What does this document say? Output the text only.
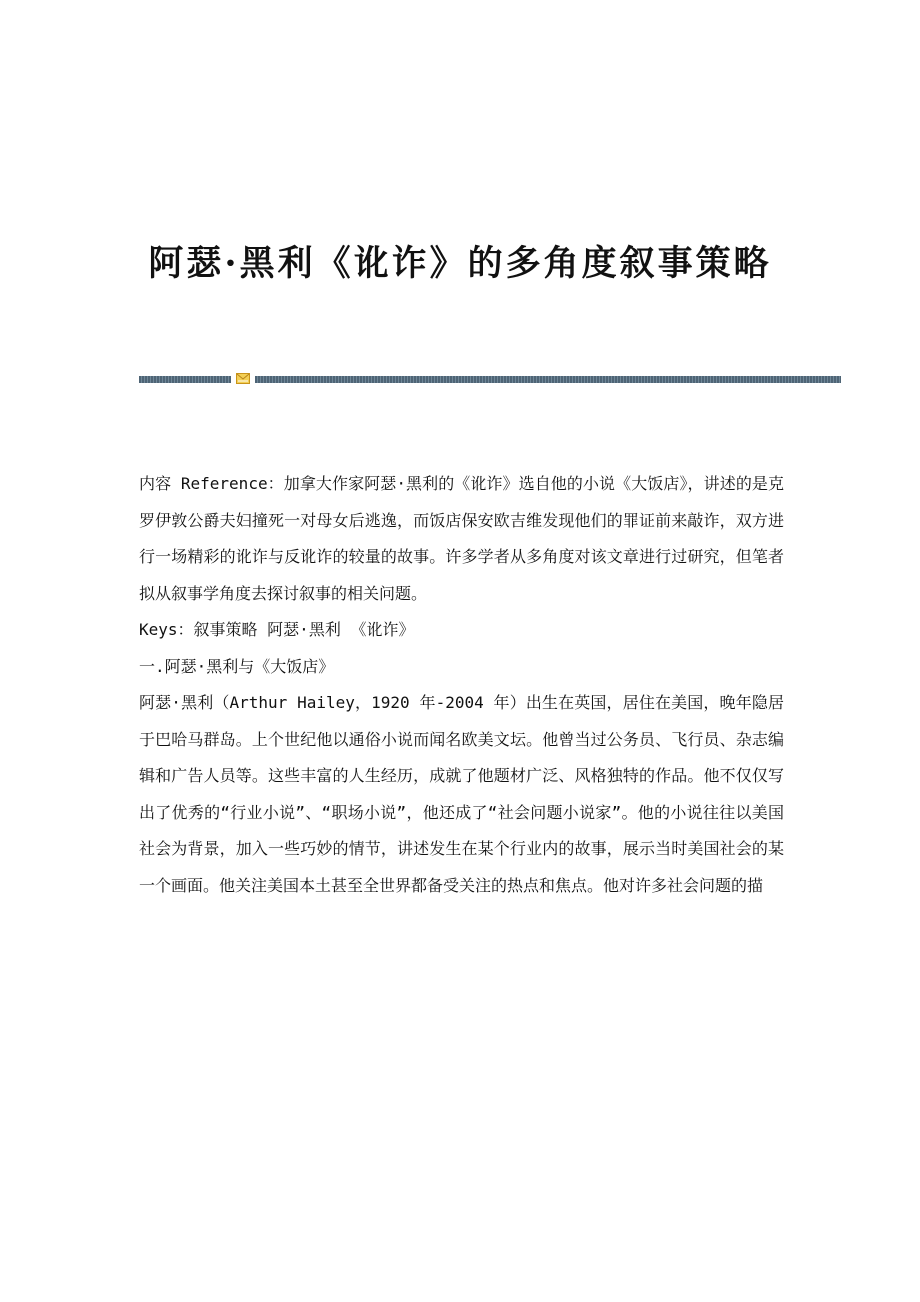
阿瑟·黑利《讹诈》的多角度叙事策略

内容 Reference：加拿大作家阿瑟·黑利的《讹诈》选自他的小说《大饭店》，讲述的是克罗伊敦公爵夫妇撞死一对母女后逃逸，而饭店保安欧吉维发现他们的罪证前来敲诈，双方进行一场精彩的讹诈与反讹诈的较量的故事。许多学者从多角度对该文章进行过研究，但笔者拟从叙事学角度去探讨叙事的相关问题。

Keys：叙事策略 阿瑟·黑利 《讹诈》

一.阿瑟·黑利与《大饭店》

阿瑟·黑利（Arthur Hailey，1920 年-2004 年）出生在英国，居住在美国，晚年隐居于巴哈马群岛。上个世纪他以通俗小说而闻名欧美文坛。他曾当过公务员、飞行员、杂志编辑和广告人员等。这些丰富的人生经历，成就了他题材广泛、风格独特的作品。他不仅仅写出了优秀的“行业小说”、“职场小说”，他还成了“社会问题小说家”。他的小说往往以美国社会为背景，加入一些巧妙的情节，讲述发生在某个行业内的故事，展示当时美国社会的某一个画面。他关注美国本土甚至全世界都备受关注的热点和焦点。他对许多社会问题的描
